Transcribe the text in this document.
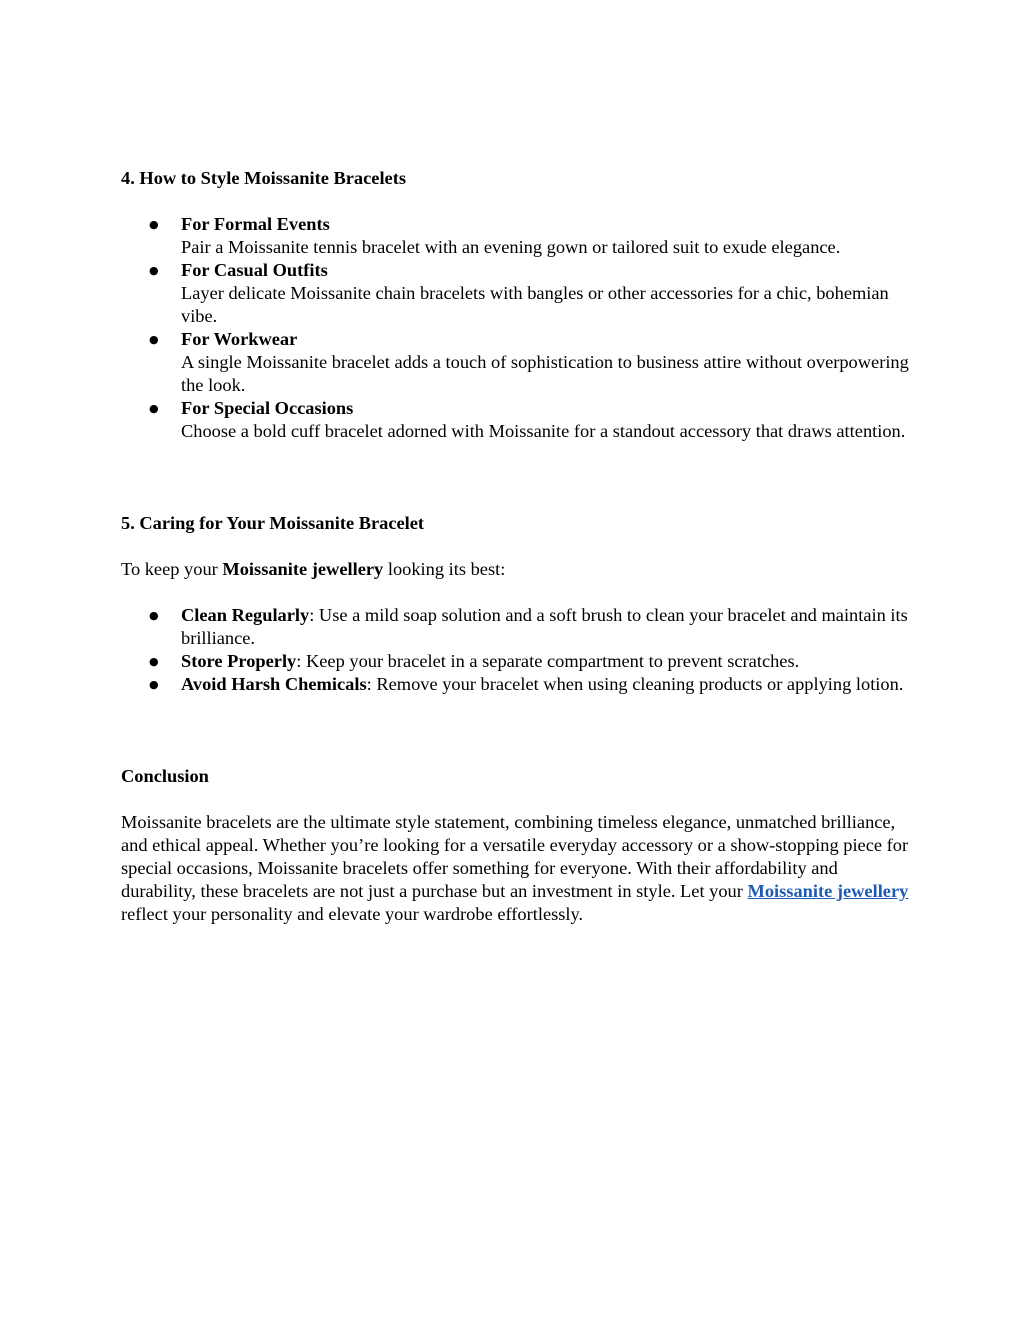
4. How to Style Moissanite Bracelets
● For Formal Events
Pair a Moissanite tennis bracelet with an evening gown or tailored suit to exude elegance.
● For Casual Outfits
Layer delicate Moissanite chain bracelets with bangles or other accessories for a chic, bohemian vibe.
● For Workwear
A single Moissanite bracelet adds a touch of sophistication to business attire without overpowering the look.
● For Special Occasions
Choose a bold cuff bracelet adorned with Moissanite for a standout accessory that draws attention.
5. Caring for Your Moissanite Bracelet

To keep your Moissanite jewellery looking its best:

● Clean Regularly: Use a mild soap solution and a soft brush to clean your bracelet and maintain its brilliance.
● Store Properly: Keep your bracelet in a separate compartment to prevent scratches.
● Avoid Harsh Chemicals: Remove your bracelet when using cleaning products or applying lotion.
Conclusion

Moissanite bracelets are the ultimate style statement, combining timeless elegance, unmatched brilliance, and ethical appeal. Whether you’re looking for a versatile everyday accessory or a show-stopping piece for special occasions, Moissanite bracelets offer something for everyone. With their affordability and durability, these bracelets are not just a purchase but an investment in style. Let your Moissanite jewellery reflect your personality and elevate your wardrobe effortlessly.
